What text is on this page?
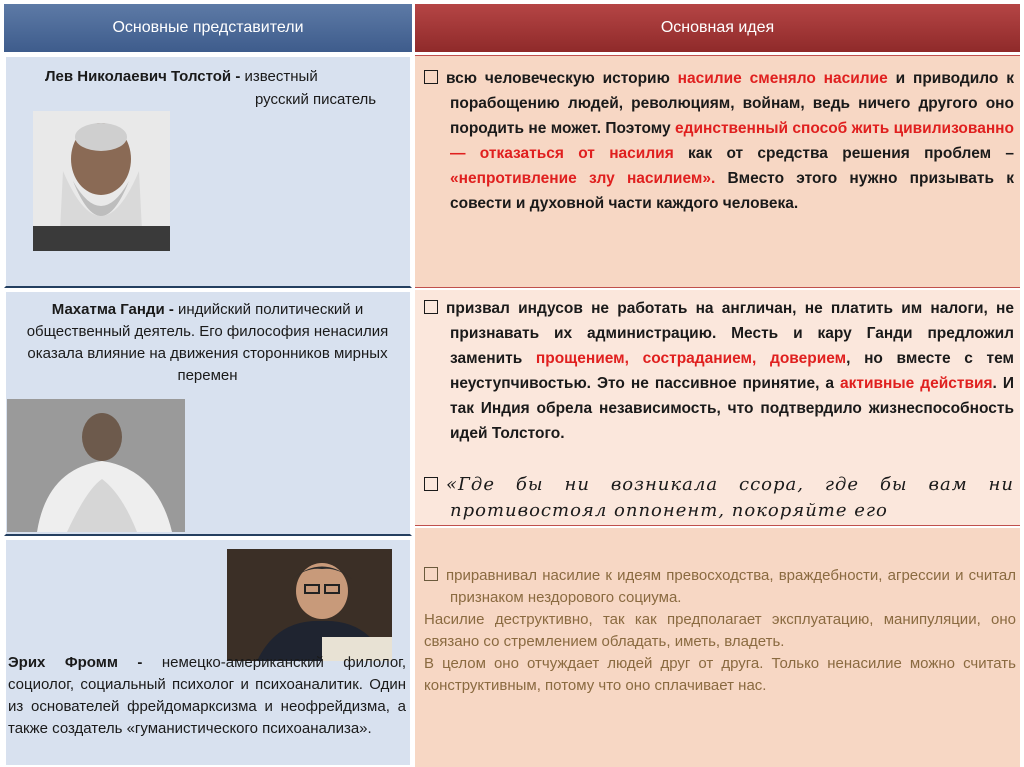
Основные представители	Основная идея
Лев Николаевич Толстой - известный
русский писатель
всю человеческую историю насилие сменяло насилие и приводило к порабощению людей, революциям, войнам, ведь ничего другого оно породить не может. Поэтому единственный способ жить цивилизованно — отказаться от насилия как от средства решения проблем – «непротивление злу насилием». Вместо этого нужно призывать к совести и духовной части каждого человека.
Махатма Ганди - индийский политический и общественный деятель. Его философия ненасилия оказала влияние на движения сторонников мирных перемен
призвал индусов не работать на англичан, не платить им налоги, не признавать их администрацию. Месть и кару Ганди предложил заменить прощением, состраданием, доверием, но вместе с тем неуступчивостью. Это не пассивное принятие, а активные действия. И так Индия обрела независимость, что подтвердило жизнеспособность идей Толстого.
«Где бы ни возникала ссора, где бы вам ни противостоял оппонент, покоряйте его
Эрих Фромм - немецко-американский филолог, социолог, социальный психолог и психоаналитик. Один из основателей фрейдомарксизма и неофрейдизма, а также создатель «гуманистического психоанализа».
приравнивал насилие к идеям превосходства, враждебности, агрессии и считал признаком нездорового социума.
Насилие деструктивно, так как предполагает эксплуатацию, манипуляции, оно связано со стремлением обладать, иметь, владеть.
В целом оно отчуждает людей друг от друга. Только ненасилие можно считать конструктивным, потому что оно сплачивает нас.
